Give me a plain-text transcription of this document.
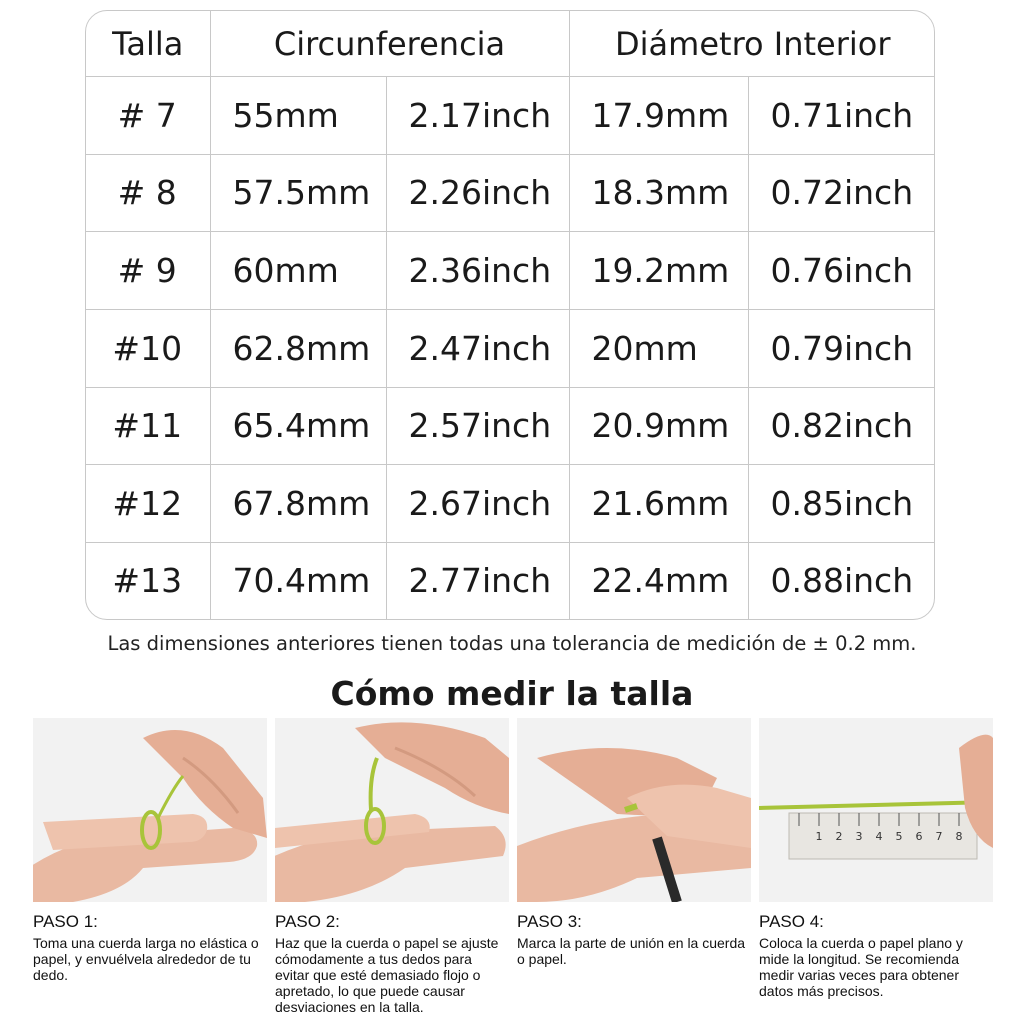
Talla	Circunferencia		Diámetro Interior	
# 7	55mm	2.17inch	17.9mm	0.71inch
# 8	57.5mm	2.26inch	18.3mm	0.72inch
# 9	60mm	2.36inch	19.2mm	0.76inch
#10	62.8mm	2.47inch	20mm	0.79inch
#11	65.4mm	2.57inch	20.9mm	0.82inch
#12	67.8mm	2.67inch	21.6mm	0.85inch
#13	70.4mm	2.77inch	22.4mm	0.88inch
Las dimensiones anteriores tienen todas una tolerancia de medición de ± 0.2 mm.
Cómo medir la talla
PASO 1:
Toma una cuerda larga no elástica o papel, y envuélvela alrededor de tu dedo.
PASO 2:
Haz que la cuerda o papel se ajuste cómodamente a tus dedos para evitar que esté demasiado flojo o apretado, lo que puede causar desviaciones en la talla.
PASO 3:
Marca la parte de unión en la cuerda o papel.
1 2 3 4 5 6 7 8
PASO 4:
Coloca la cuerda o papel plano y mide la longitud. Se recomienda medir varias veces para obtener datos más precisos.
